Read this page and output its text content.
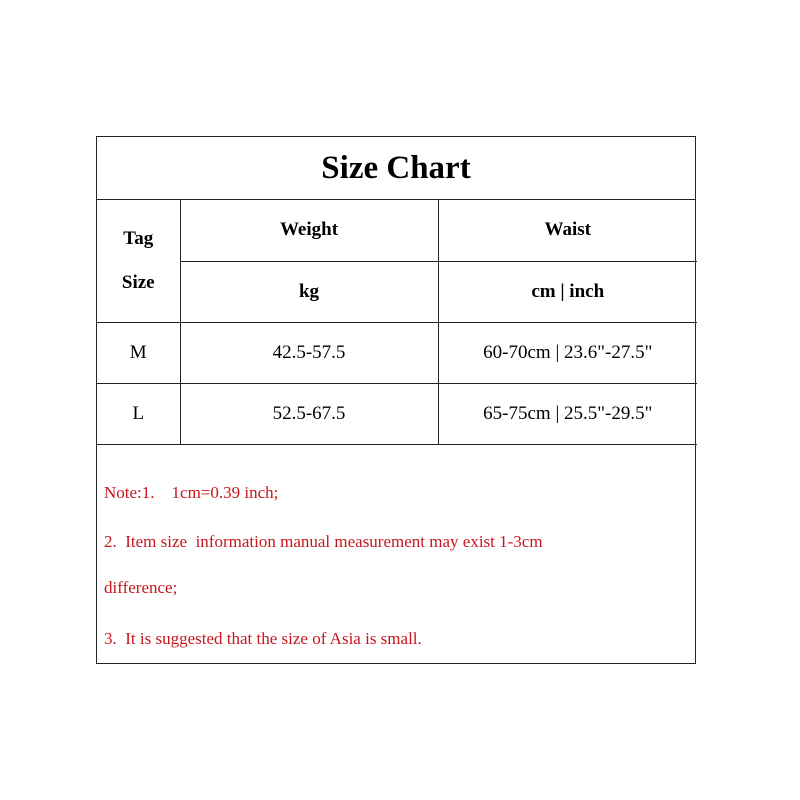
Size Chart
Tag
Size	Weight	Waist
	kg	cm | inch
M	42.5-57.5	60-70cm | 23.6"-27.5"
L	52.5-67.5	65-75cm | 25.5"-29.5"
Note:1.    1cm=0.39 inch;
2.  Item size  information manual measurement may exist 1-3cm
difference;
3.  It is suggested that the size of Asia is small.
